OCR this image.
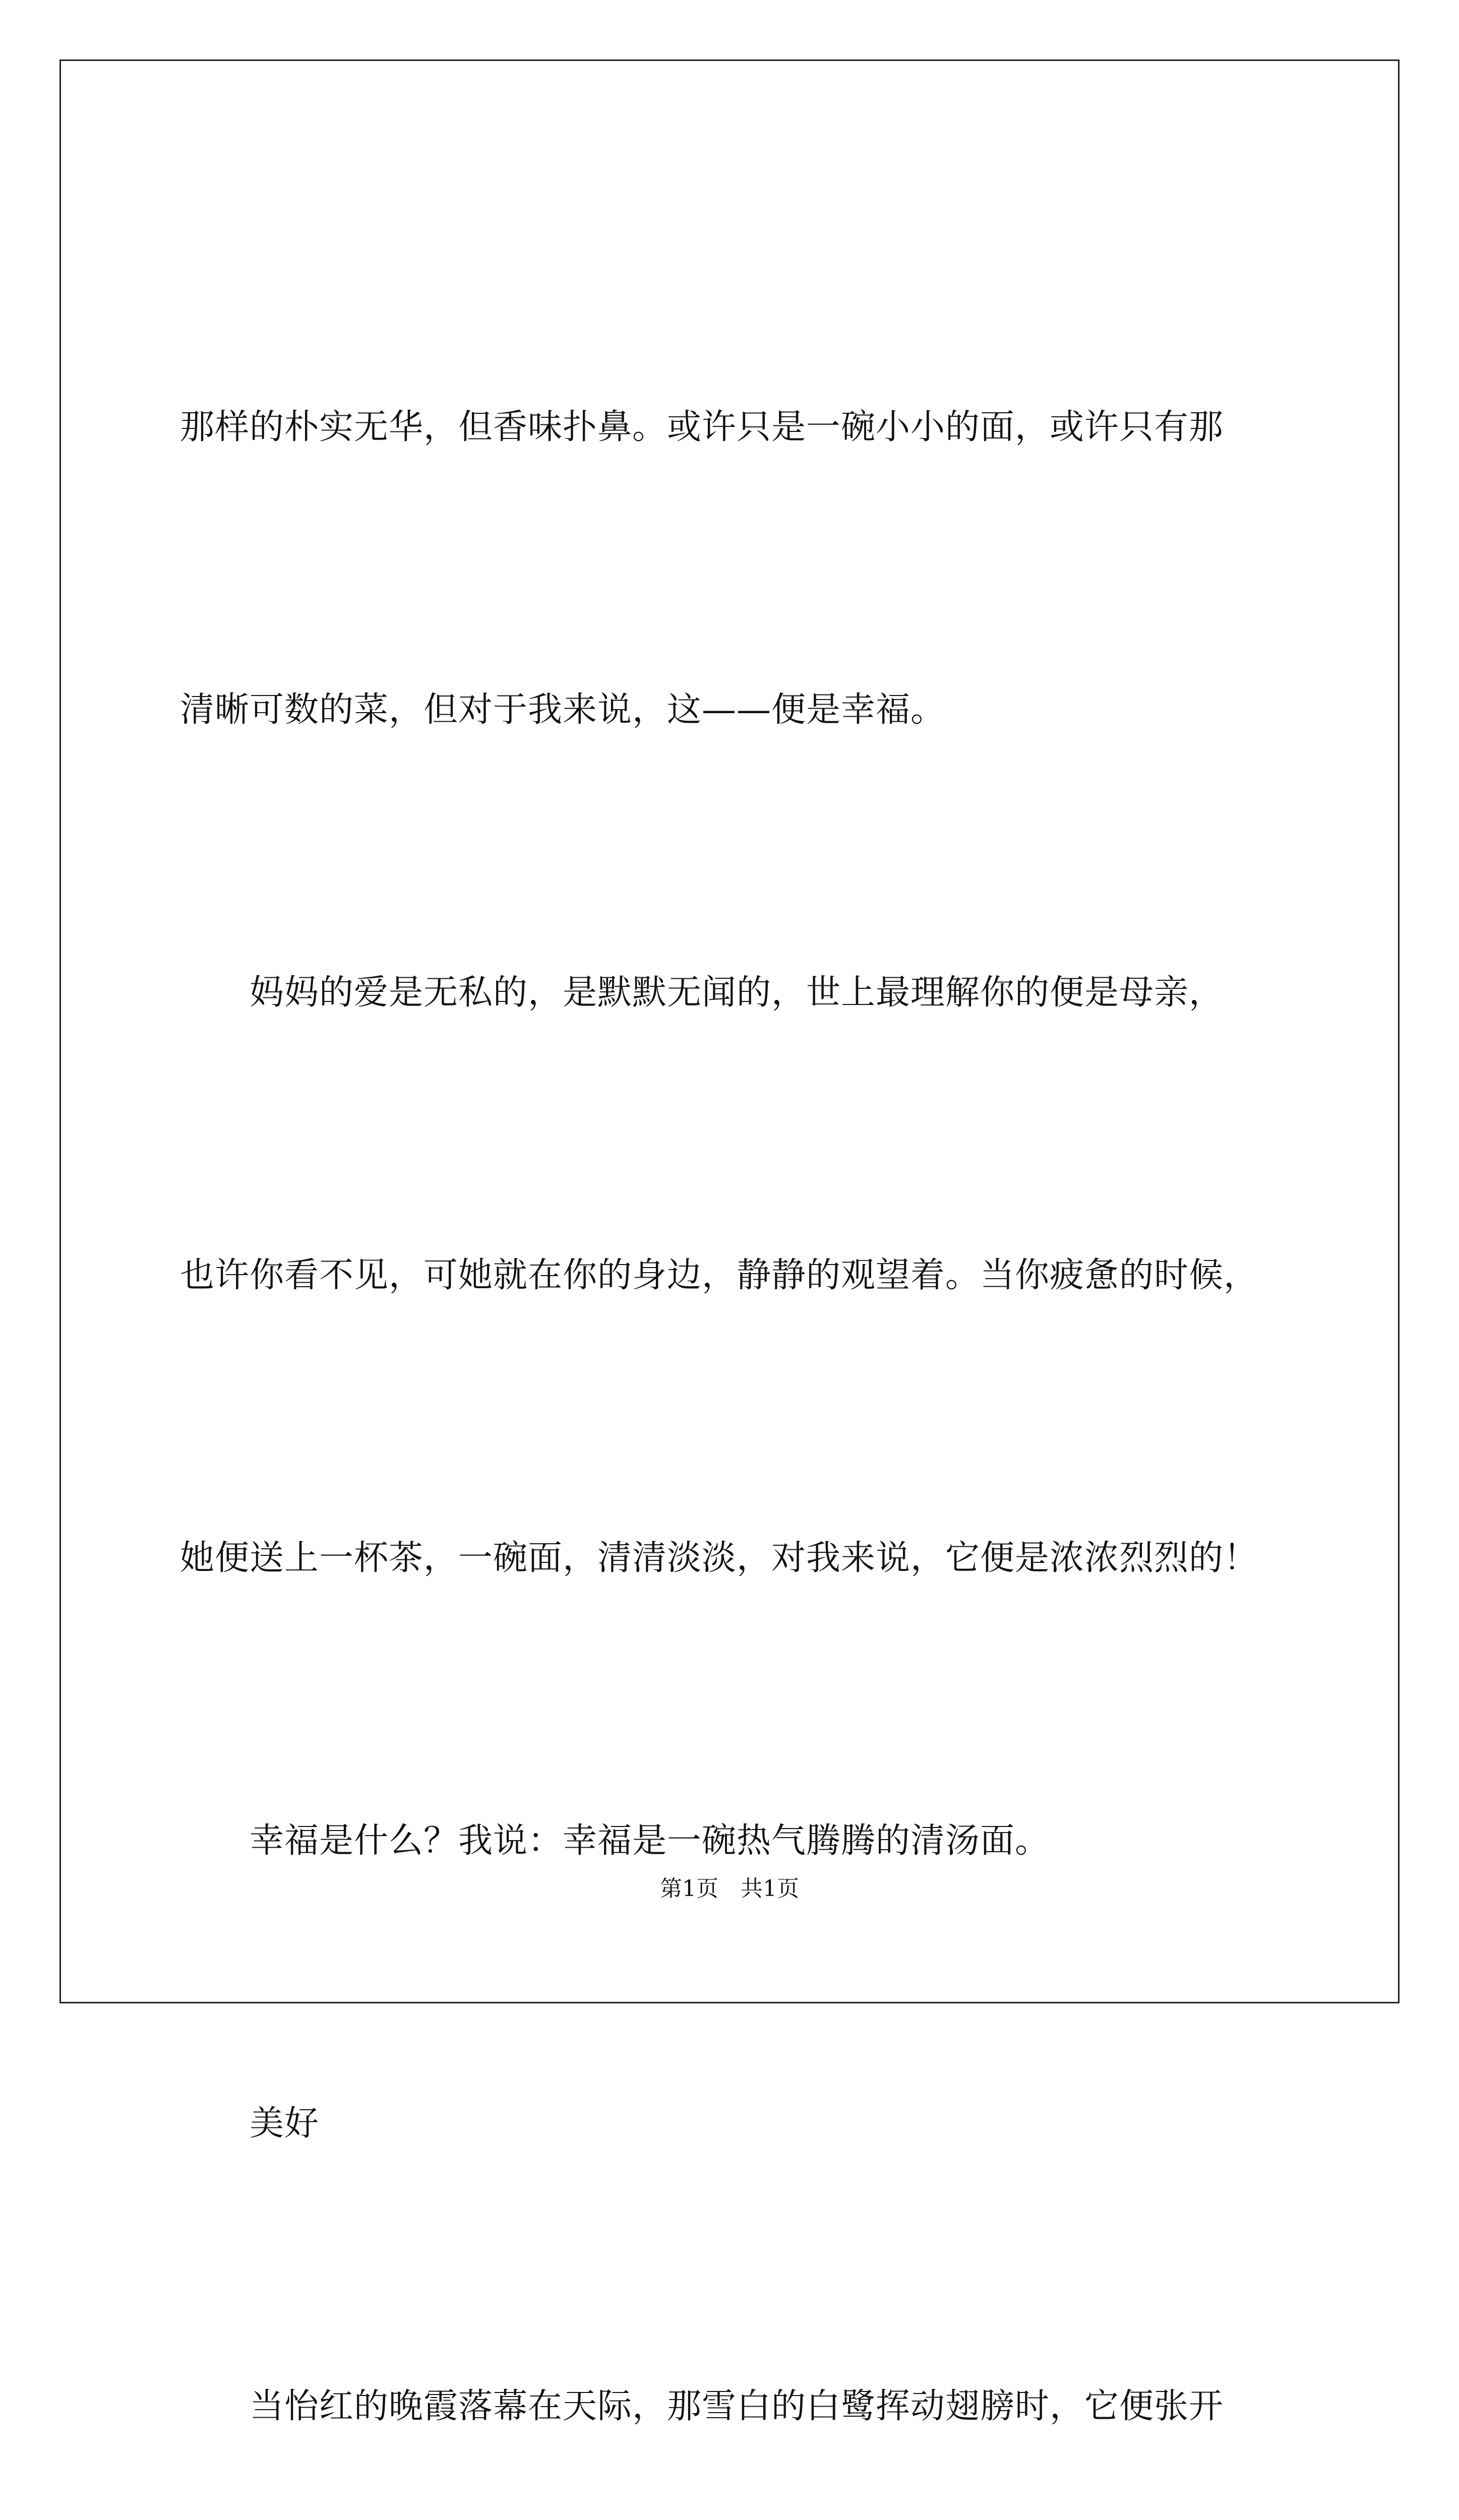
那样的朴实无华，但香味扑鼻。或许只是一碗小小的面，或许只有那

清晰可数的菜，但对于我来说，这——便是幸福。

　　妈妈的爱是无私的，是默默无闻的，世上最理解你的便是母亲，

也许你看不见，可她就在你的身边，静静的观望着。当你疲惫的时候，

她便送上一杯茶，一碗面，清清淡淡，对我来说，它便是浓浓烈烈的！

　　幸福是什么？我说：幸福是一碗热气腾腾的清汤面。

　　美好

　　当怡红的晚霞落幕在天际，那雪白的白鹭挥动翅膀时，它便张开

第1页　共1页
